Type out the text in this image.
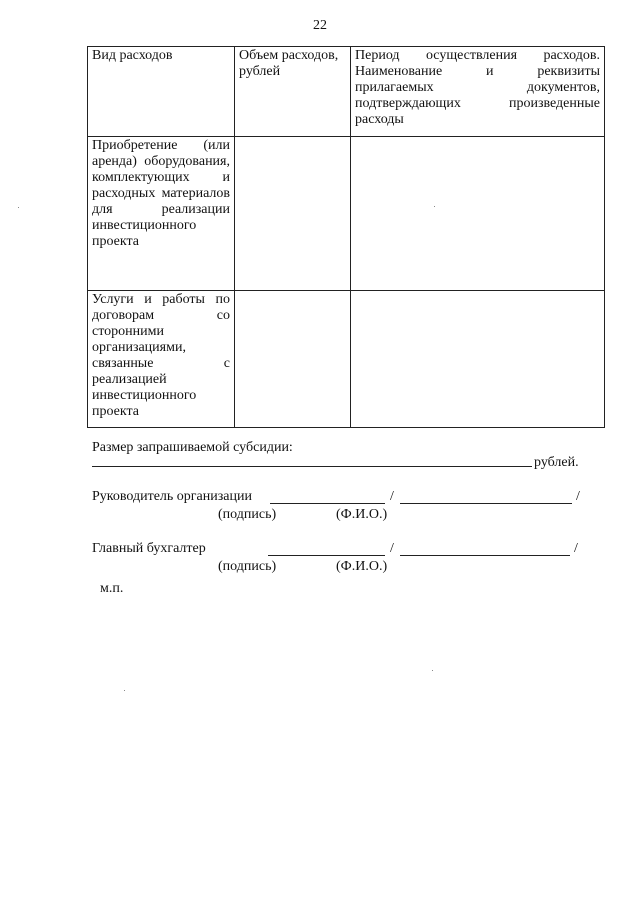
22
Вид расходов	Объем расходов, рублей	Период осуществления расходов. Наименование и реквизиты прилагаемых документов, подтверждающих произведенные расходы
Приобретение (или аренда) оборудования, комплектующих и расходных материалов для реализации инвестиционного проекта		
Услуги и работы по договорам со сторонними организациями, связанные с реализацией инвестиционного проекта		
Размер запрашиваемой субсидии:
рублей.
Руководитель организации	/	/
(подпись)	(Ф.И.О.)
Главный бухгалтер	/	/
(подпись)	(Ф.И.О.)
м.п.
